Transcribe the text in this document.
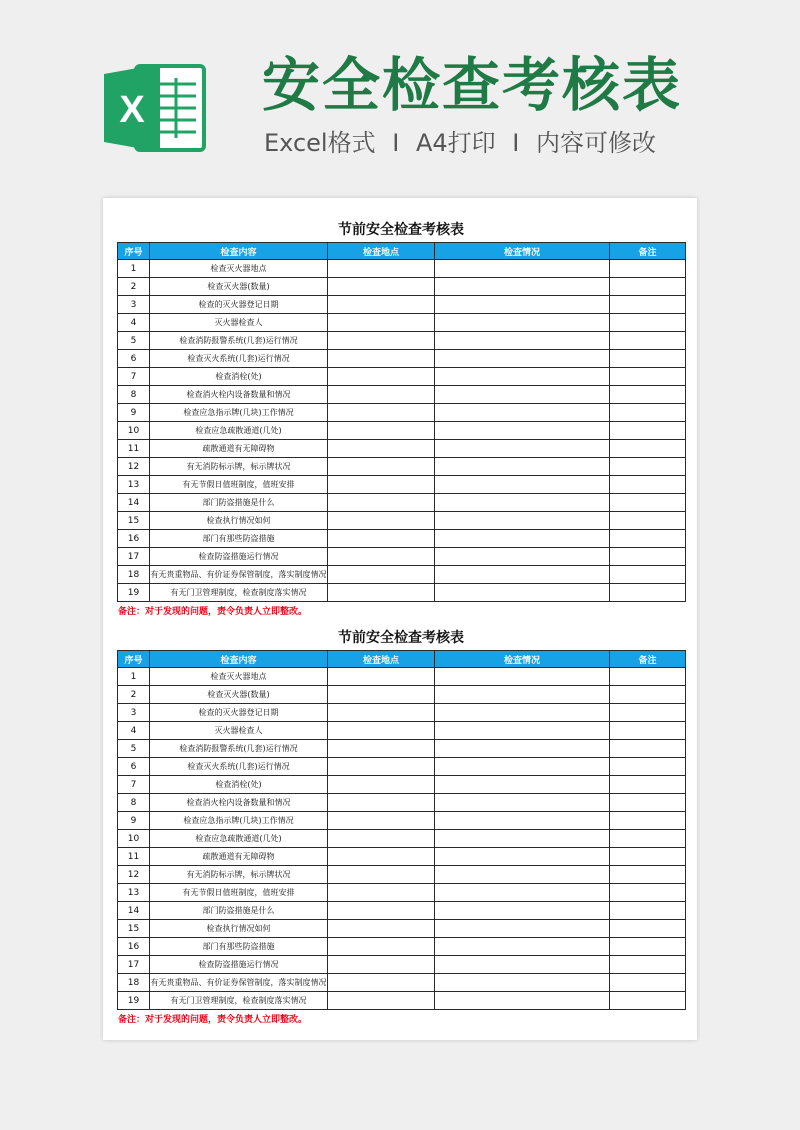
X 安全检查考核表
Excel格式 I A4打印 I 内容可修改
节前安全检查考核表
序号	检查内容	检查地点	检查情况	备注
1	检查灭火器地点			
2	检查灭火器(数量)			
3	检查的灭火器登记日期			
4	灭火器检查人			
5	检查消防报警系统(几套)运行情况			
6	检查灭火系统(几套)运行情况			
7	检查消栓(处)			
8	检查消火栓内设备数量和情况			
9	检查应急指示牌(几块)工作情况			
10	检查应急疏散通道(几处)			
11	疏散通道有无障碍物			
12	有无消防标示牌，标示牌状况			
13	有无节假日值班制度，值班安排			
14	部门防盗措施是什么			
15	检查执行情况如何			
16	部门有那些防盗措施			
17	检查防盗措施运行情况			
18	有无贵重物品、有价证券保管制度，落实制度情况			
19	有无门卫管理制度，检查制度落实情况			
备注：对于发现的问题，责令负责人立即整改。
节前安全检查考核表
序号	检查内容	检查地点	检查情况	备注
1	检查灭火器地点			
2	检查灭火器(数量)			
3	检查的灭火器登记日期			
4	灭火器检查人			
5	检查消防报警系统(几套)运行情况			
6	检查灭火系统(几套)运行情况			
7	检查消栓(处)			
8	检查消火栓内设备数量和情况			
9	检查应急指示牌(几块)工作情况			
10	检查应急疏散通道(几处)			
11	疏散通道有无障碍物			
12	有无消防标示牌，标示牌状况			
13	有无节假日值班制度，值班安排			
14	部门防盗措施是什么			
15	检查执行情况如何			
16	部门有那些防盗措施			
17	检查防盗措施运行情况			
18	有无贵重物品、有价证券保管制度，落实制度情况			
19	有无门卫管理制度，检查制度落实情况			
备注：对于发现的问题，责令负责人立即整改。
